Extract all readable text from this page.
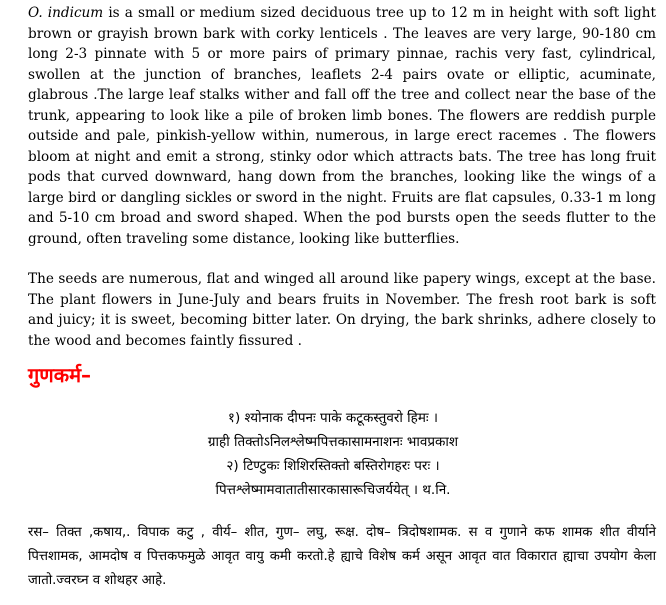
O. indicum is a small or medium sized deciduous tree up to 12 m in height with soft light brown or grayish brown bark with corky lenticels . The leaves are very large, 90-180 cm long 2-3 pinnate with 5 or more pairs of primary pinnae, rachis very fast, cylindrical, swollen at the junction of branches, leaflets 2-4 pairs ovate or elliptic, acuminate, glabrous .The large leaf stalks wither and fall off the tree and collect near the base of the trunk, appearing to look like a pile of broken limb bones. The flowers are reddish purple outside and pale, pinkish-yellow within, numerous, in large erect racemes . The flowers bloom at night and emit a strong, stinky odor which attracts bats. The tree has long fruit pods that curved downward, hang down from the branches, looking like the wings of a large bird or dangling sickles or sword in the night. Fruits are flat capsules, 0.33-1 m long and 5-10 cm broad and sword shaped. When the pod bursts open the seeds flutter to the ground, often traveling some distance, looking like butterflies.

The seeds are numerous, flat and winged all around like papery wings, except at the base. The plant flowers in June-July and bears fruits in November. The fresh root bark is soft and juicy; it is sweet, becoming bitter later. On drying, the bark shrinks, adhere closely to the wood and becomes faintly fissured .

गुणकर्म–

१) श्योनाक दीपनः पाके कटूकस्तुवरो हिमः ।

ग्राही तिक्तोऽनिलश्लेष्मपित्तकासामनाशनः भावप्रकाश

२) टिण्टुकः शिशिरस्तिक्तो बस्तिरोगहरः परः ।

पित्तश्लेष्मामवातातीसारकासारूचिजर्ययेत् । थ.नि.

रस– तिक्त ,कषाय,. विपाक कटु , वीर्य– शीत, गुण– लघु, रूक्ष. दोष– त्रिदोषशामक. स व गुणाने कफ शामक शीत वीर्याने पित्तशामक, आमदोष व पित्तकफमुळे आवृत वायु कमी करतो.हे ह्याचे विशेष कर्म असून आवृत वात विकारात ह्याचा उपयोग केला जातो.ज्वरघ्न व शोथहर आहे.
